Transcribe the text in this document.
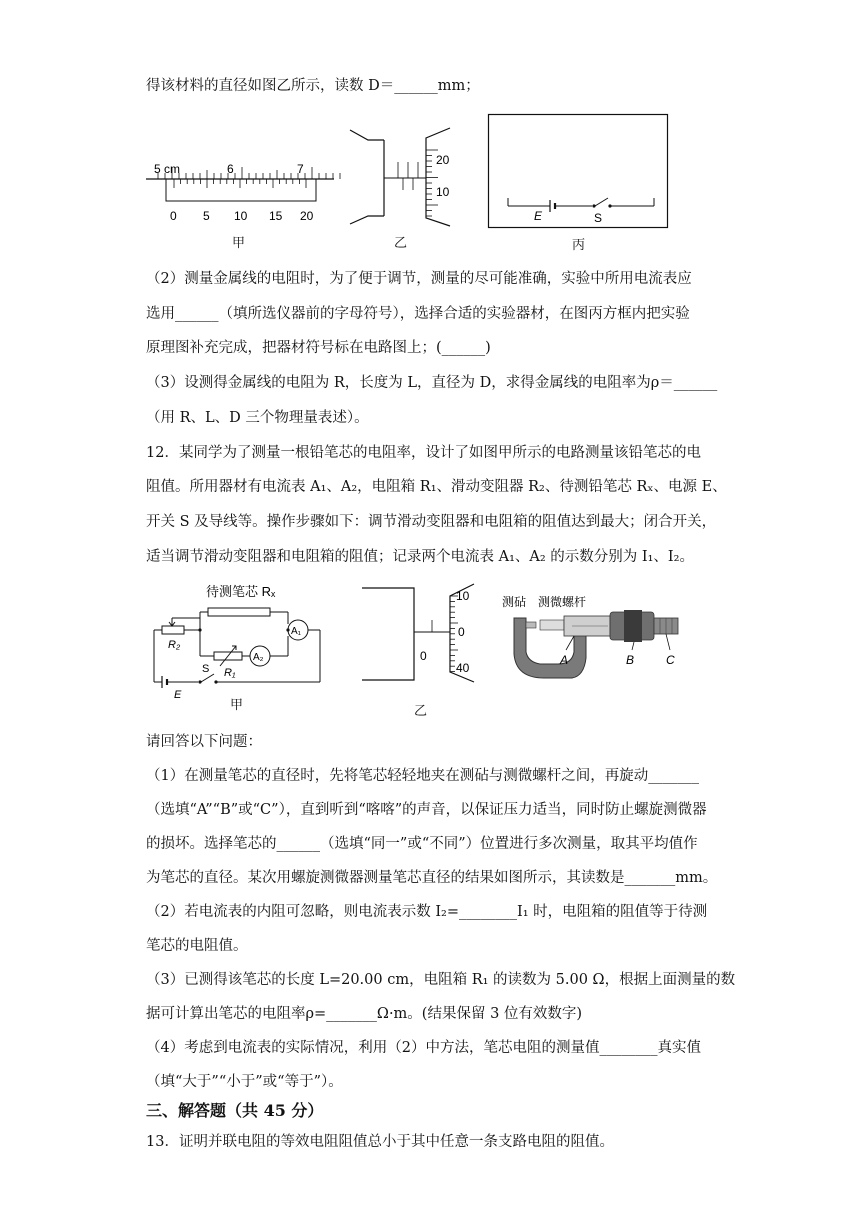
得该材料的直径如图乙所示，读数 D＝______mm；
5 cm	6	7
0 5 10 15 20
甲
20
10
乙
E	S
丙
（2）测量金属线的电阻时，为了便于调节，测量的尽可能准确，实验中所用电流表应
选用______（填所选仪器前的字母符号），选择合适的实验器材，在图丙方框内把实验
原理图补充完成，把器材符号标在电路图上；(______)
（3）设测得金属线的电阻为 R，长度为 L，直径为 D，求得金属线的电阻率为ρ＝______
（用 R、L、D 三个物理量表述）。
12．某同学为了测量一根铅笔芯的电阻率，设计了如图甲所示的电路测量该铅笔芯的电
阻值。所用器材有电流表 A₁、A₂，电阻箱 R₁、滑动变阻器 R₂、待测铅笔芯 Rₓ、电源 E、
开关 S 及导线等。操作步骤如下：调节滑动变阻器和电阻箱的阻值达到最大；闭合开关，
适当调节滑动变阻器和电阻箱的阻值；记录两个电流表 A₁、A₂ 的示数分别为 I₁、I₂。
待测笔芯 Rₓ
A₁
R₂
A₂
R₁
S
E
甲
10
0
40
0
乙
测砧 测微螺杆
A	B	C
请回答以下问题：
（1）在测量笔芯的直径时，先将笔芯轻轻地夹在测砧与测微螺杆之间，再旋动_______
（选填“A”“B”或“C”），直到听到“喀喀”的声音，以保证压力适当，同时防止螺旋测微器
的损坏。选择笔芯的______（选填“同一”或“不同”）位置进行多次测量，取其平均值作
为笔芯的直径。某次用螺旋测微器测量笔芯直径的结果如图所示，其读数是_______mm。
（2）若电流表的内阻可忽略，则电流表示数 I₂=________I₁ 时，电阻箱的阻值等于待测
笔芯的电阻值。
（3）已测得该笔芯的长度 L=20.00 cm，电阻箱 R₁ 的读数为 5.00 Ω，根据上面测量的数
据可计算出笔芯的电阻率ρ=_______Ω·m。(结果保留 3 位有效数字)
（4）考虑到电流表的实际情况，利用（2）中方法，笔芯电阻的测量值________真实值
（填“大于”“小于”或“等于”）。
三、解答题（共 45 分）
13．证明并联电阻的等效电阻阻值总小于其中任意一条支路电阻的阻值。
